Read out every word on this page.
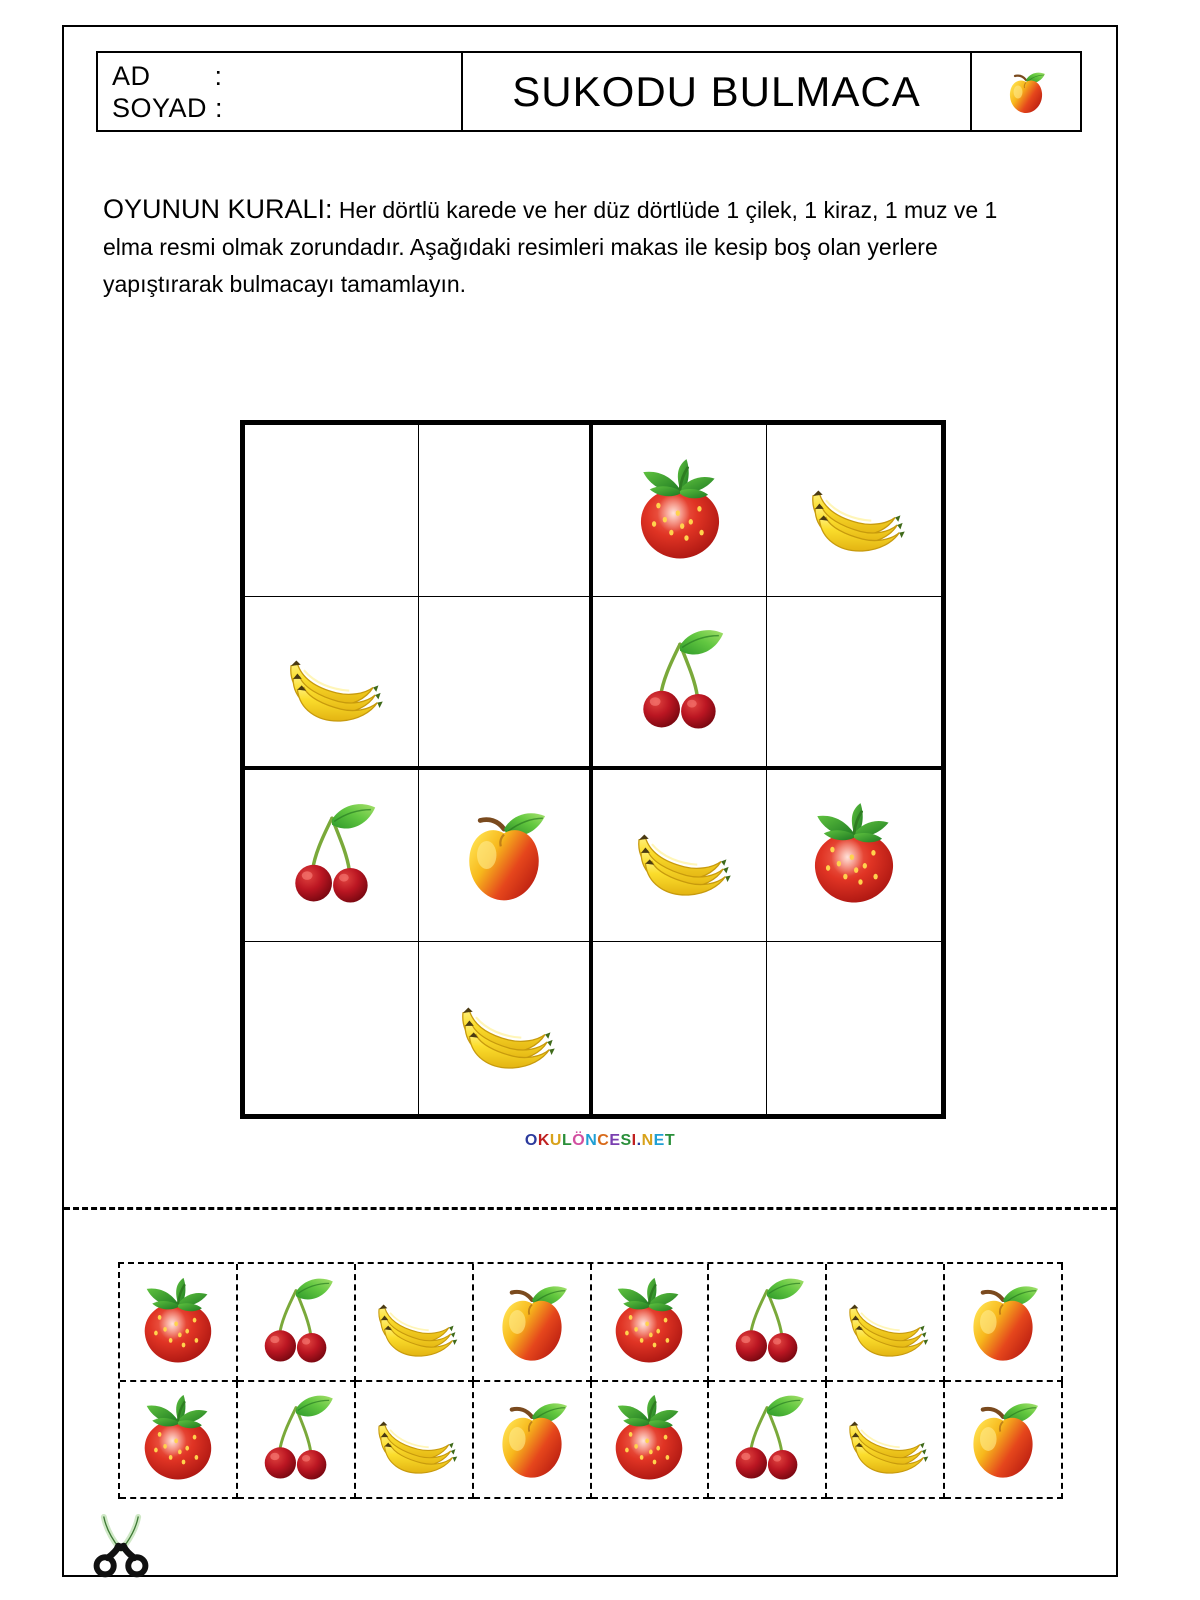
AD        :
SOYAD :	SUKODU BULMACA

OYUNUN KURALI: Her dörtlü karede ve her düz dörtlüde 1 çilek, 1 kiraz, 1 muz ve 1 elma resmi olmak zorundadır. Aşağıdaki resimleri makas ile kesip boş olan yerlere yapıştırarak bulmacayı tamamlayın.

OKULÖNCESI.NET
